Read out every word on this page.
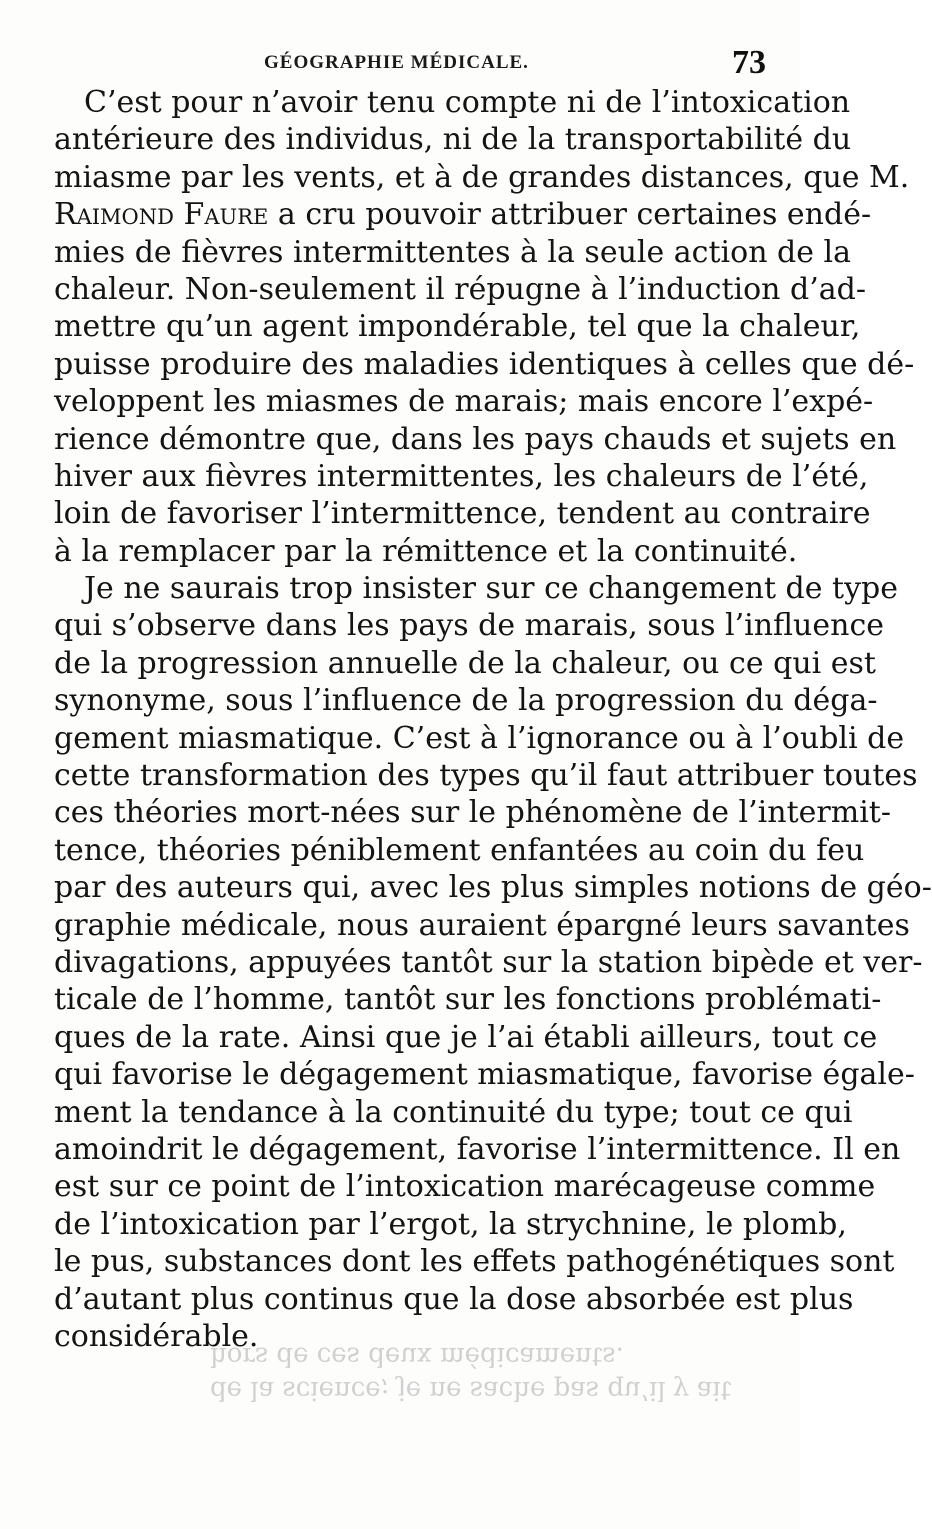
GÉOGRAPHIE MÉDICALE.	73
C’est pour n’avoir tenu compte ni de l’intoxication
antérieure des individus, ni de la transportabilité du
miasme par les vents, et à de grandes distances, que M.
Raimond Faure a cru pouvoir attribuer certaines endé-
mies de fièvres intermittentes à la seule action de la
chaleur. Non-seulement il répugne à l’induction d’ad-
mettre qu’un agent impondérable, tel que la chaleur,
puisse produire des maladies identiques à celles que dé-
veloppent les miasmes de marais; mais encore l’expé-
rience démontre que, dans les pays chauds et sujets en
hiver aux fièvres intermittentes, les chaleurs de l’été,
loin de favoriser l’intermittence, tendent au contraire
à la remplacer par la rémittence et la continuité.
Je ne saurais trop insister sur ce changement de type
qui s’observe dans les pays de marais, sous l’influence
de la progression annuelle de la chaleur, ou ce qui est
synonyme, sous l’influence de la progression du déga-
gement miasmatique. C’est à l’ignorance ou à l’oubli de
cette transformation des types qu’il faut attribuer toutes
ces théories mort-nées sur le phénomène de l’intermit-
tence, théories péniblement enfantées au coin du feu
par des auteurs qui, avec les plus simples notions de géo-
graphie médicale, nous auraient épargné leurs savantes
divagations, appuyées tantôt sur la station bipède et ver-
ticale de l’homme, tantôt sur les fonctions problémati-
ques de la rate. Ainsi que je l’ai établi ailleurs, tout ce
qui favorise le dégagement miasmatique, favorise égale-
ment la tendance à la continuité du type; tout ce qui
amoindrit le dégagement, favorise l’intermittence. Il en
est sur ce point de l’intoxication marécageuse comme
de l’intoxication par l’ergot, la strychnine, le plomb,
le pus, substances dont les effets pathogénétiques sont
d’autant plus continus que la dose absorbée est plus
considérable.
de la science; je ne sache pas qu’il y ait
hors de ces deux médicaments.
